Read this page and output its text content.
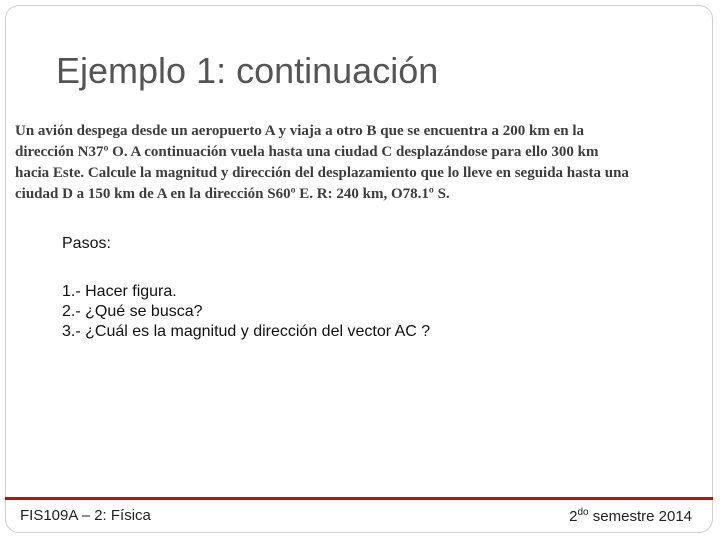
Ejemplo 1: continuación
Un avión despega desde un aeropuerto A y viaja a otro B que se encuentra a 200 km en la
dirección N37º O. A continuación vuela hasta una ciudad C desplazándose para ello 300 km
hacia Este. Calcule la magnitud y dirección del desplazamiento que lo lleve en seguida hasta una
ciudad D a 150 km de A en la dirección S60º E. R: 240 km, O78.1º S.

Pasos:

1.- Hacer figura.
2.- ¿Qué se busca?
3.- ¿Cuál es la magnitud y dirección del vector AC ?
FIS109A – 2: Física	$2^{do}$ semestre 2014
